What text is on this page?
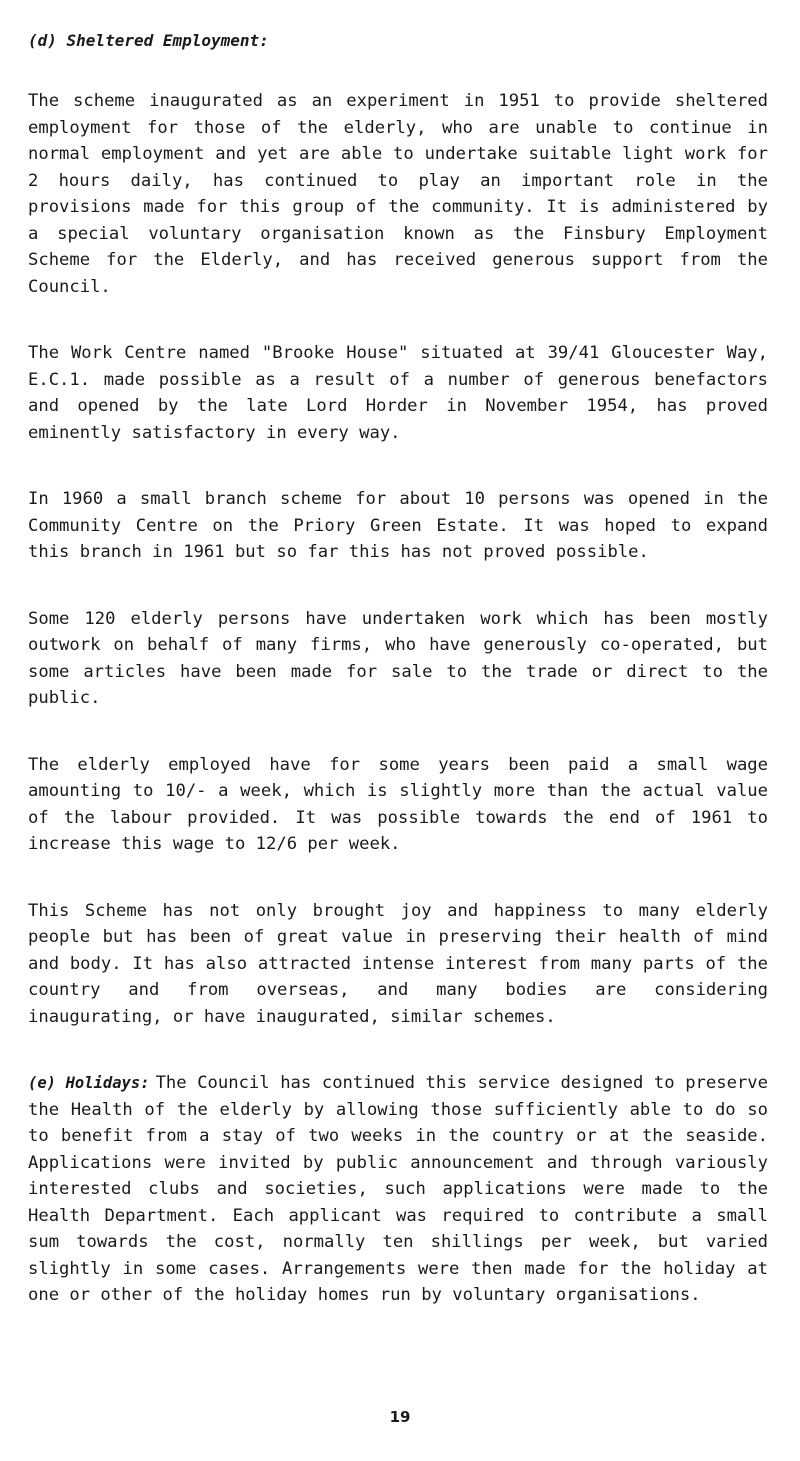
(d) Sheltered Employment:

The scheme inaugurated as an experiment in 1951 to provide sheltered employment for those of the elderly, who are unable to continue in normal employment and yet are able to undertake suitable light work for 2 hours daily, has continued to play an important role in the provisions made for this group of the community. It is administered by a special voluntary organisation known as the Finsbury Employment Scheme for the Elderly, and has received generous support from the Council.

The Work Centre named "Brooke House" situated at 39/41 Gloucester Way, E.C.1. made possible as a result of a number of generous benefactors and opened by the late Lord Horder in November 1954, has proved eminently satisfactory in every way.

In 1960 a small branch scheme for about 10 persons was opened in the Community Centre on the Priory Green Estate. It was hoped to expand this branch in 1961 but so far this has not proved possible.

Some 120 elderly persons have undertaken work which has been mostly outwork on behalf of many firms, who have generously co-operated, but some articles have been made for sale to the trade or direct to the public.

The elderly employed have for some years been paid a small wage amounting to 10/- a week, which is slightly more than the actual value of the labour provided. It was possible towards the end of 1961 to increase this wage to 12/6 per week.

This Scheme has not only brought joy and happiness to many elderly people but has been of great value in preserving their health of mind and body. It has also attracted intense interest from many parts of the country and from overseas, and many bodies are considering inaugurating, or have inaugurated, similar schemes.

(e) Holidays: The Council has continued this service designed to preserve the Health of the elderly by allowing those sufficiently able to do so to benefit from a stay of two weeks in the country or at the seaside. Applications were invited by public announcement and through variously interested clubs and societies, such applications were made to the Health Department. Each applicant was required to contribute a small sum towards the cost, normally ten shillings per week, but varied slightly in some cases. Arrangements were then made for the holiday at one or other of the holiday homes run by voluntary organisations.

19
